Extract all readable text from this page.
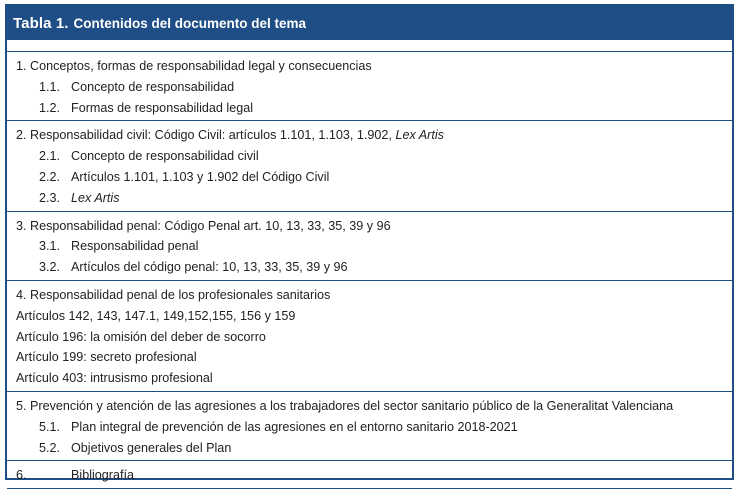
Tabla 1. Contenidos del documento del tema
1. Conceptos, formas de responsabilidad legal y consecuencias
1.1. Concepto de responsabilidad
1.2. Formas de responsabilidad legal
2. Responsabilidad civil: Código Civil: artículos 1.101, 1.103, 1.902, Lex Artis
2.1. Concepto de responsabilidad civil
2.2. Artículos 1.101, 1.103 y 1.902 del Código Civil
2.3. Lex Artis
3. Responsabilidad penal: Código Penal art. 10, 13, 33, 35, 39 y 96
3.1. Responsabilidad penal
3.2. Artículos del código penal: 10, 13, 33, 35, 39 y 96
4. Responsabilidad penal de los profesionales sanitarios
Artículos 142, 143, 147.1, 149,152,155, 156 y 159
Artículo 196: la omisión del deber de socorro
Artículo 199: secreto profesional
Artículo 403: intrusismo profesional
5. Prevención y atención de las agresiones a los trabajadores del sector sanitario público de la Generalitat Valenciana
5.1. Plan integral de prevención de las agresiones en el entorno sanitario 2018-2021
5.2. Objetivos generales del Plan
6.	Bibliografía
